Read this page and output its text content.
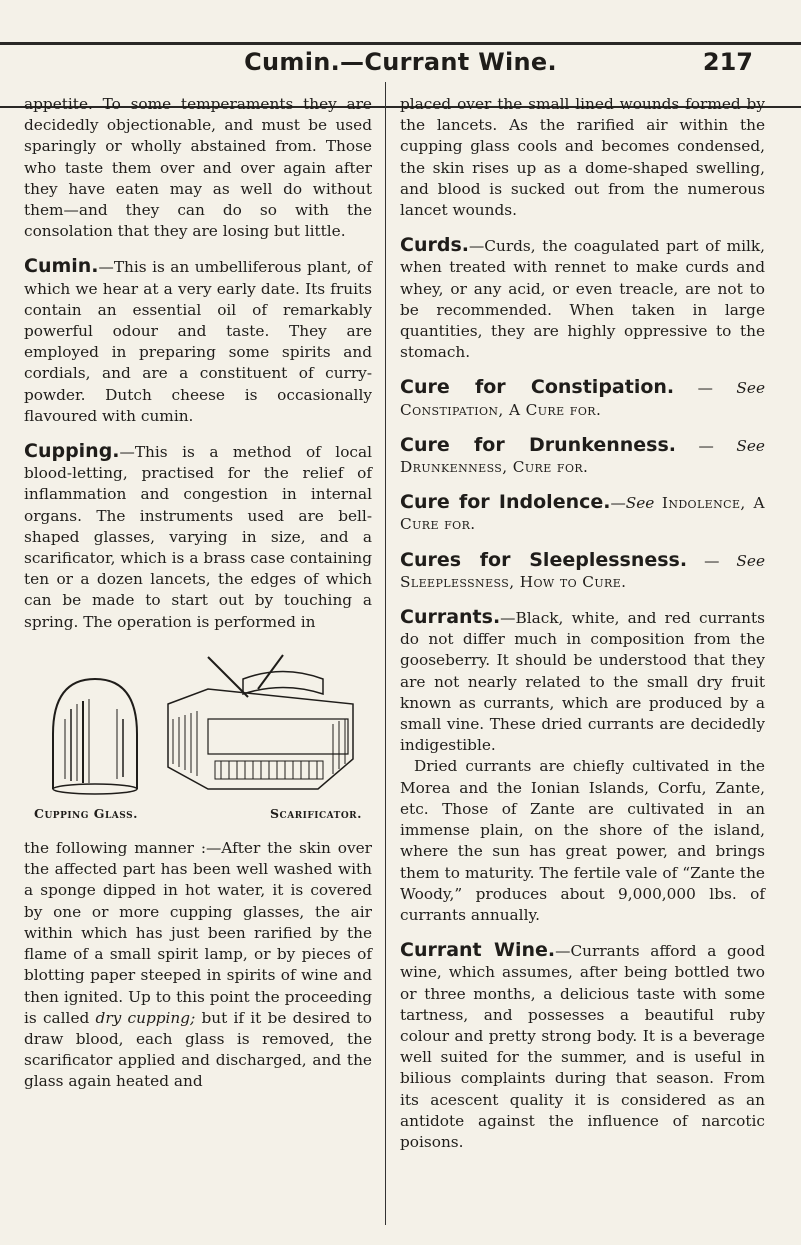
Cumin.—Currant Wine.	217

appetite. To some temperaments they are decidedly objectionable, and must be used sparingly or wholly abstained from. Those who taste them over and over again after they have eaten may as well do without them—and they can do so with the consolation that they are losing but little.

Cumin.—This is an umbelliferous plant, of which we hear at a very early date. Its fruits contain an essential oil of remarkably powerful odour and taste. They are employed in preparing some spirits and cordials, and are a constituent of curry-powder. Dutch cheese is occasionally flavoured with cumin.

Cupping.—This is a method of local blood-letting, practised for the relief of inflammation and congestion in internal organs. The instruments used are bell-shaped glasses, varying in size, and a scarificator, which is a brass case containing ten or a dozen lancets, the edges of which can be made to start out by touching a spring. The operation is performed in

Cupping Glass.	Scarificator.

the following manner :—After the skin over the affected part has been well washed with a sponge dipped in hot water, it is covered by one or more cupping glasses, the air within which has just been rarified by the flame of a small spirit lamp, or by pieces of blotting paper steeped in spirits of wine and then ignited. Up to this point the proceeding is called dry cupping; but if it be desired to draw blood, each glass is removed, the scarificator applied and discharged, and the glass again heated and

placed over the small lined wounds formed by the lancets. As the rarified air within the cupping glass cools and becomes condensed, the skin rises up as a dome-shaped swelling, and blood is sucked out from the numerous lancet wounds.

Curds.—Curds, the coagulated part of milk, when treated with rennet to make curds and whey, or any acid, or even treacle, are not to be recommended. When taken in large quantities, they are highly oppressive to the stomach.

Cure for Constipation. — See Constipation, A Cure for.

Cure for Drunkenness. — See Drunkenness, Cure for.

Cure for Indolence.—See Indolence, A Cure for.

Cures for Sleeplessness. — See Sleeplessness, How to Cure.

Currants.—Black, white, and red currants do not differ much in composition from the gooseberry. It should be understood that they are not nearly related to the small dry fruit known as currants, which are produced by a small vine. These dried currants are decidedly indigestible.

Dried currants are chiefly cultivated in the Morea and the Ionian Islands, Corfu, Zante, etc. Those of Zante are cultivated in an immense plain, on the shore of the island, where the sun has great power, and brings them to maturity. The fertile vale of “Zante the Woody,” produces about 9,000,000 lbs. of currants annually.

Currant Wine.—Currants afford a good wine, which assumes, after being bottled two or three months, a delicious taste with some tartness, and possesses a beautiful ruby colour and pretty strong body. It is a beverage well suited for the summer, and is useful in bilious complaints during that season. From its acescent quality it is considered as an antidote against the influence of narcotic poisons.
